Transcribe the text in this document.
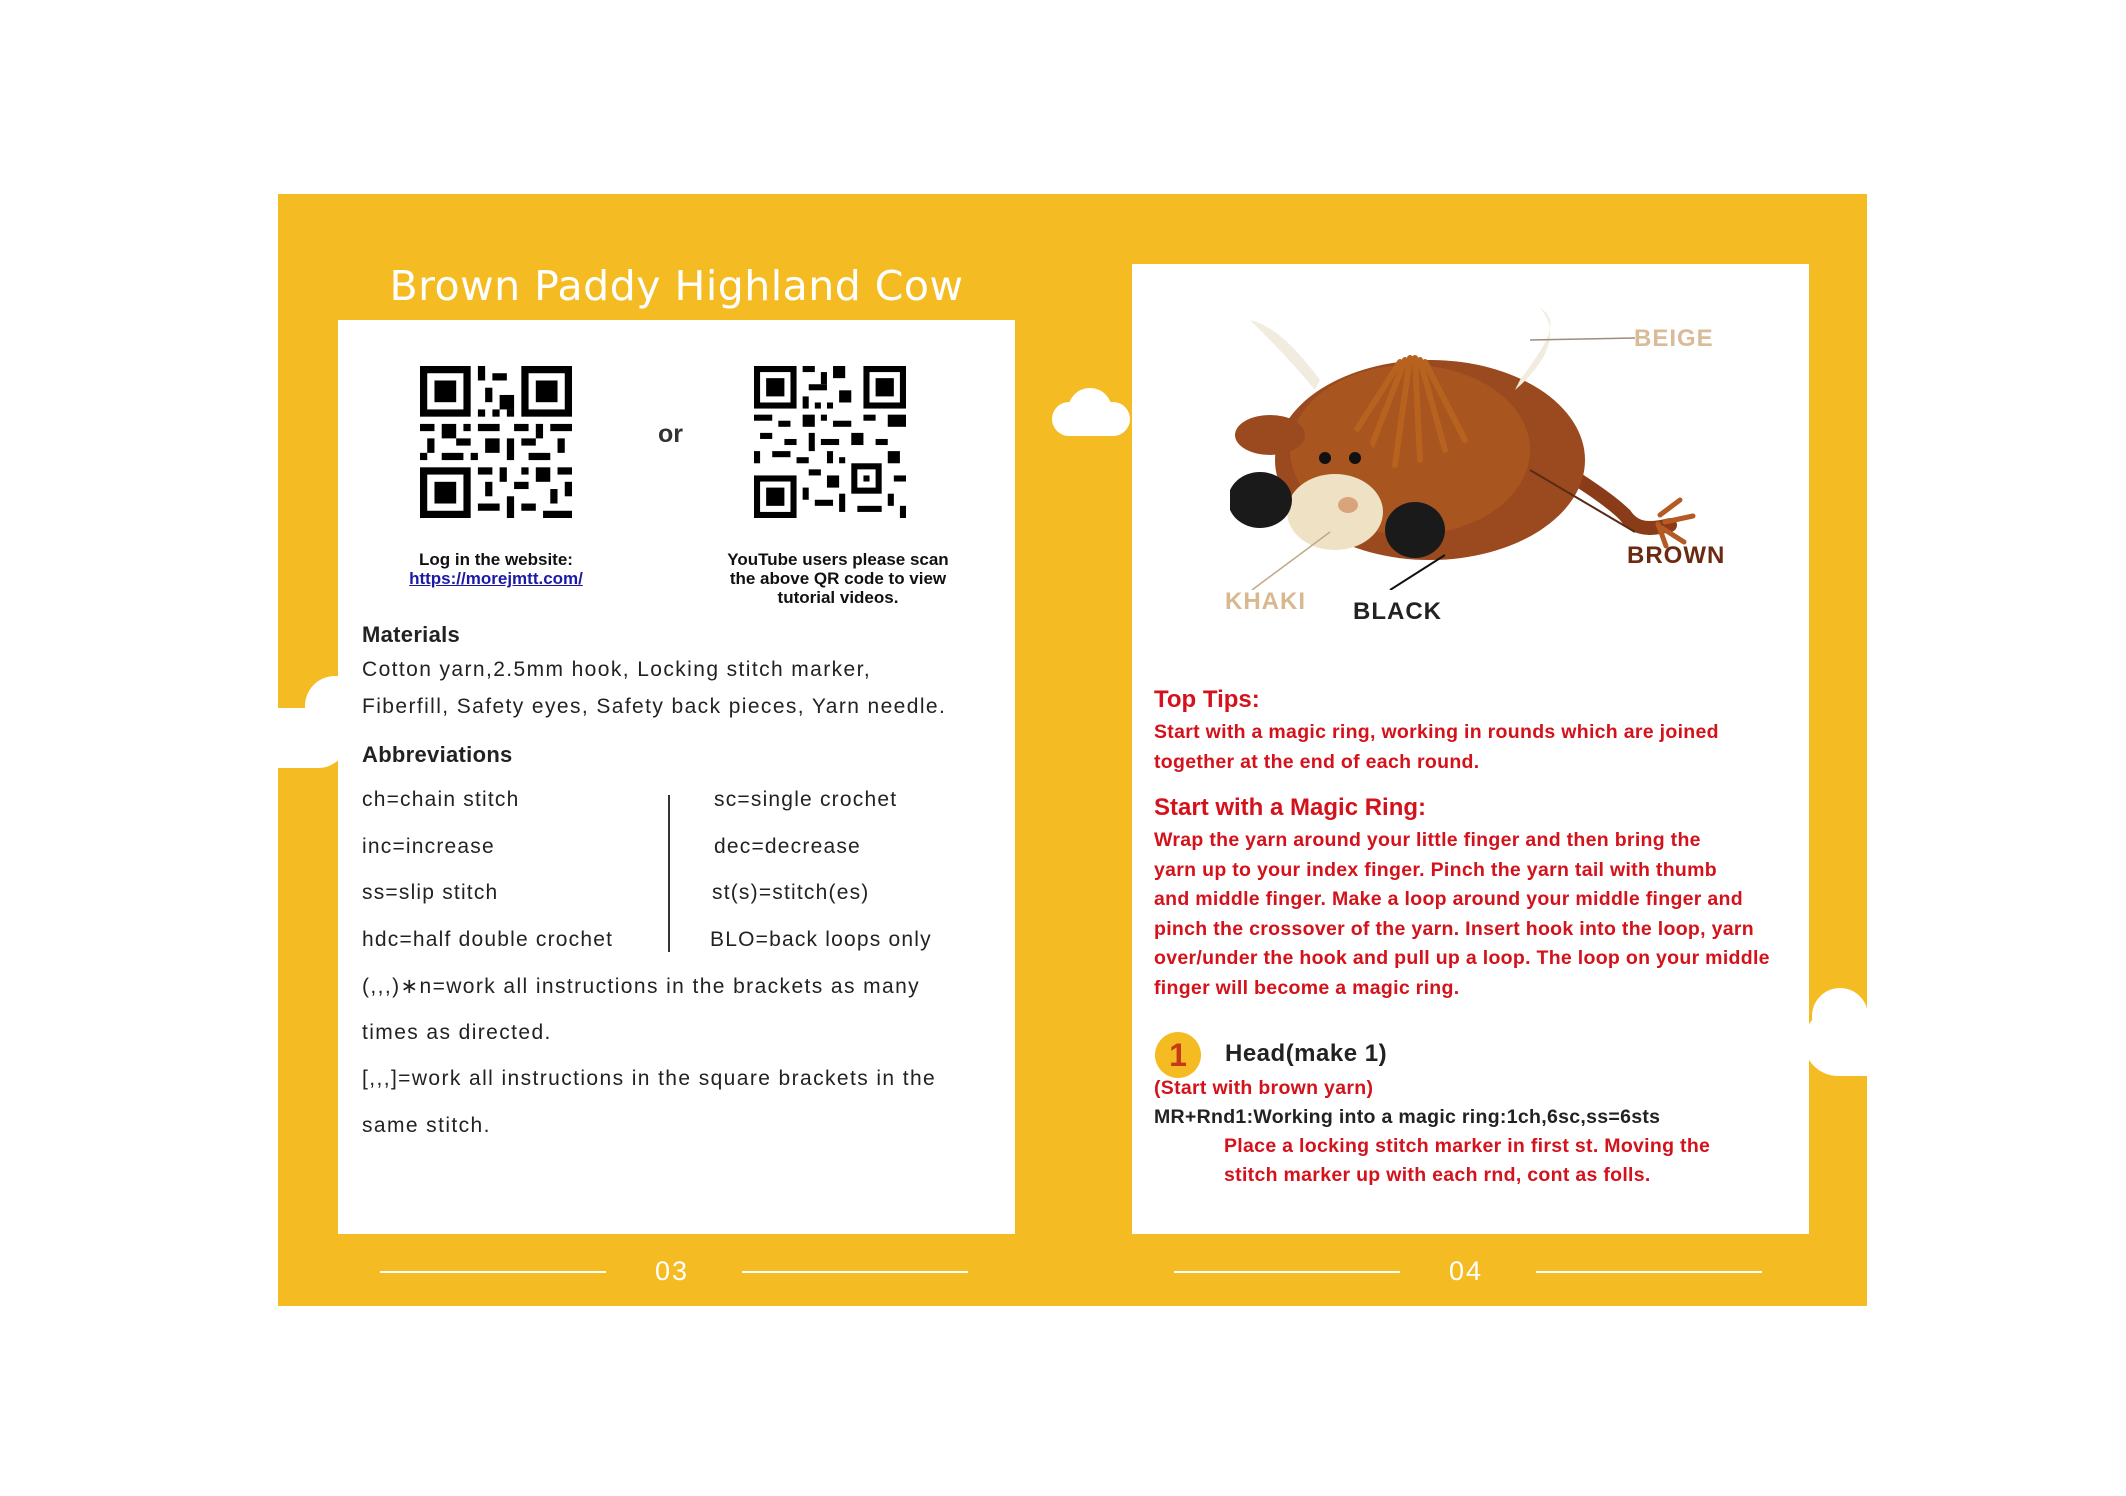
Brown Paddy Highland Cow
or
Log in the website:
https://morejmtt.com/
YouTube users please scan
the above QR code to view
tutorial videos.
Materials
Cotton yarn,2.5mm hook, Locking stitch marker,
Fiberfill, Safety eyes, Safety back pieces, Yarn needle.
Abbreviations
ch=chain stitch
inc=increase
ss=slip stitch
hdc=half double crochet
sc=single crochet
dec=decrease
st(s)=stitch(es)
BLO=back loops only
(,,,)∗n=work all instructions in the brackets as many
times as directed.
[,,,]=work all instructions in the square brackets in the
same stitch.
03
BEIGE
BROWN
KHAKI BLACK
Top Tips:
Start with a magic ring, working in rounds which are joined
together at the end of each round.
Start with a Magic Ring:
Wrap the yarn around your little finger and then bring the
yarn up to your index finger. Pinch the yarn tail with thumb
and middle finger. Make a loop around your middle finger and
pinch the crossover of the yarn. Insert hook into the loop, yarn
over/under the hook and pull up a loop. The loop on your middle
finger will become a magic ring.
1	Head(make 1)
(Start with brown yarn)
MR+Rnd1:Working into a magic ring:1ch,6sc,ss=6sts
Place a locking stitch marker in first st. Moving the
stitch marker up with each rnd, cont as folls.
04
